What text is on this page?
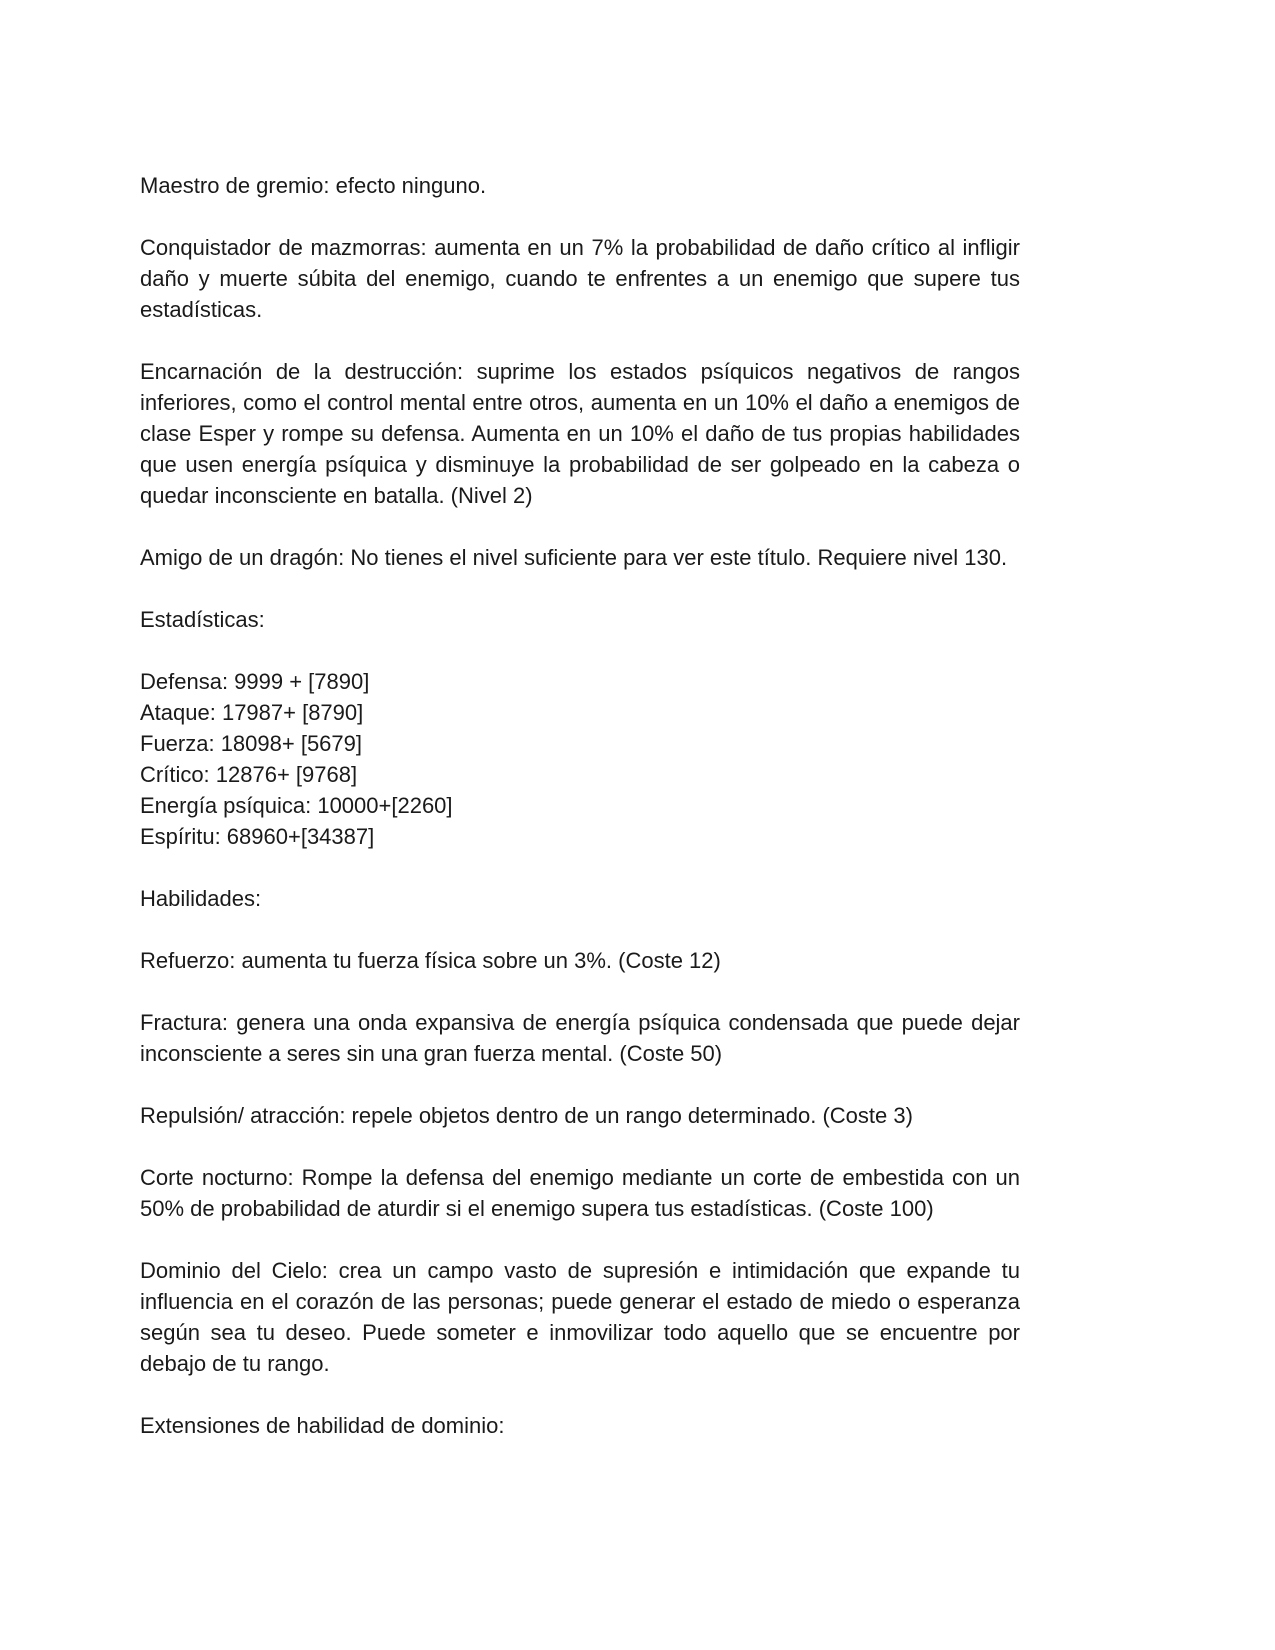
Maestro de gremio: efecto ninguno.

Conquistador de mazmorras: aumenta en un 7% la probabilidad de daño crítico al infligir daño y muerte súbita del enemigo, cuando te enfrentes a un enemigo que supere tus estadísticas.

Encarnación de la destrucción: suprime los estados psíquicos negativos de rangos inferiores, como el control mental entre otros, aumenta en un 10% el daño a enemigos de clase Esper y rompe su defensa. Aumenta en un 10% el daño de tus propias habilidades que usen energía psíquica y disminuye la probabilidad de ser golpeado en la cabeza o quedar inconsciente en batalla. (Nivel 2)

Amigo de un dragón: No tienes el nivel suficiente para ver este título. Requiere nivel 130.

Estadísticas:

Defensa: 9999 + [7890]
Ataque: 17987+ [8790]
Fuerza: 18098+ [5679]
Crítico: 12876+ [9768]
Energía psíquica: 10000+[2260]
Espíritu: 68960+[34387]

Habilidades:

Refuerzo: aumenta tu fuerza física sobre un 3%. (Coste 12)

Fractura: genera una onda expansiva de energía psíquica condensada que puede dejar inconsciente a seres sin una gran fuerza mental. (Coste 50)

Repulsión/ atracción: repele objetos dentro de un rango determinado. (Coste 3)

Corte nocturno: Rompe la defensa del enemigo mediante un corte de embestida con un 50% de probabilidad de aturdir si el enemigo supera tus estadísticas. (Coste 100)

Dominio del Cielo: crea un campo vasto de supresión e intimidación que expande tu influencia en el corazón de las personas; puede generar el estado de miedo o esperanza según sea tu deseo. Puede someter e inmovilizar todo aquello que se encuentre por debajo de tu rango.

Extensiones de habilidad de dominio:
